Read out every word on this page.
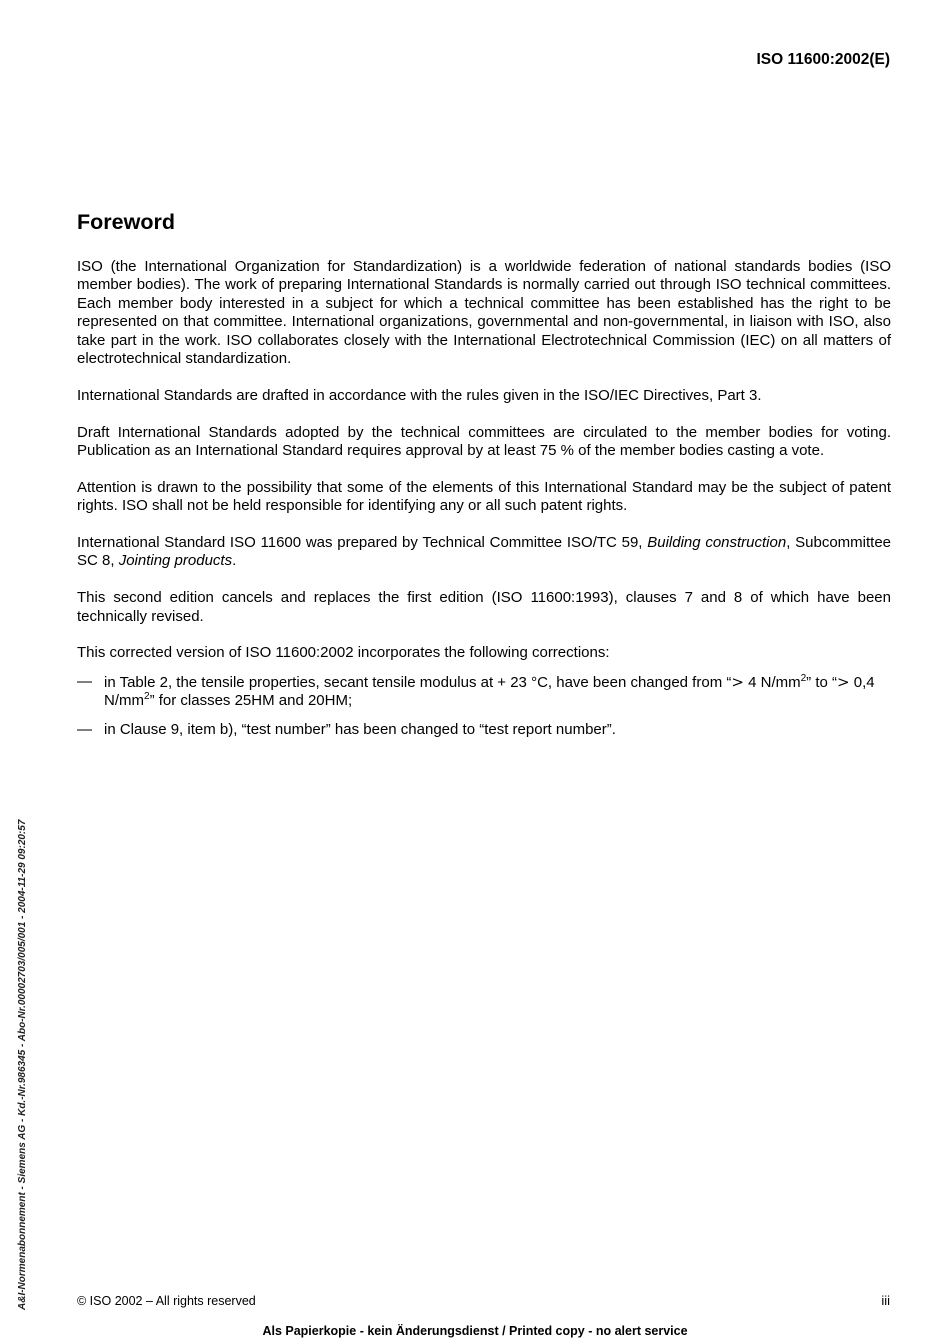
ISO 11600:2002(E)
Foreword

ISO (the International Organization for Standardization) is a worldwide federation of national standards bodies (ISO member bodies). The work of preparing International Standards is normally carried out through ISO technical committees. Each member body interested in a subject for which a technical committee has been established has the right to be represented on that committee. International organizations, governmental and non-governmental, in liaison with ISO, also take part in the work. ISO collaborates closely with the International Electrotechnical Commission (IEC) on all matters of electrotechnical standardization.

International Standards are drafted in accordance with the rules given in the ISO/IEC Directives, Part 3.

Draft International Standards adopted by the technical committees are circulated to the member bodies for voting. Publication as an International Standard requires approval by at least 75 % of the member bodies casting a vote.

Attention is drawn to the possibility that some of the elements of this International Standard may be the subject of patent rights. ISO shall not be held responsible for identifying any or all such patent rights.

International Standard ISO 11600 was prepared by Technical Committee ISO/TC 59, Building construction, Subcommittee SC 8, Jointing products.

This second edition cancels and replaces the first edition (ISO 11600:1993), clauses 7 and 8 of which have been technically revised.

This corrected version of ISO 11600:2002 incorporates the following corrections:

— in Table 2, the tensile properties, secant tensile modulus at + 23 °C, have been changed from “> 4 $N/mm^2$” to “> 0,4 $N/mm^2$” for classes 25HM and 20HM;
— in Clause 9, item b), “test number” has been changed to “test report number”.
A&I-Normenabonnement - Siemens AG - Kd.-Nr.986345 - Abo-Nr.00002703/005/001 - 2004-11-29 09:20:57	© ISO 2002 – All rights reserved	iii
Als Papierkopie - kein Änderungsdienst / Printed copy - no alert service
